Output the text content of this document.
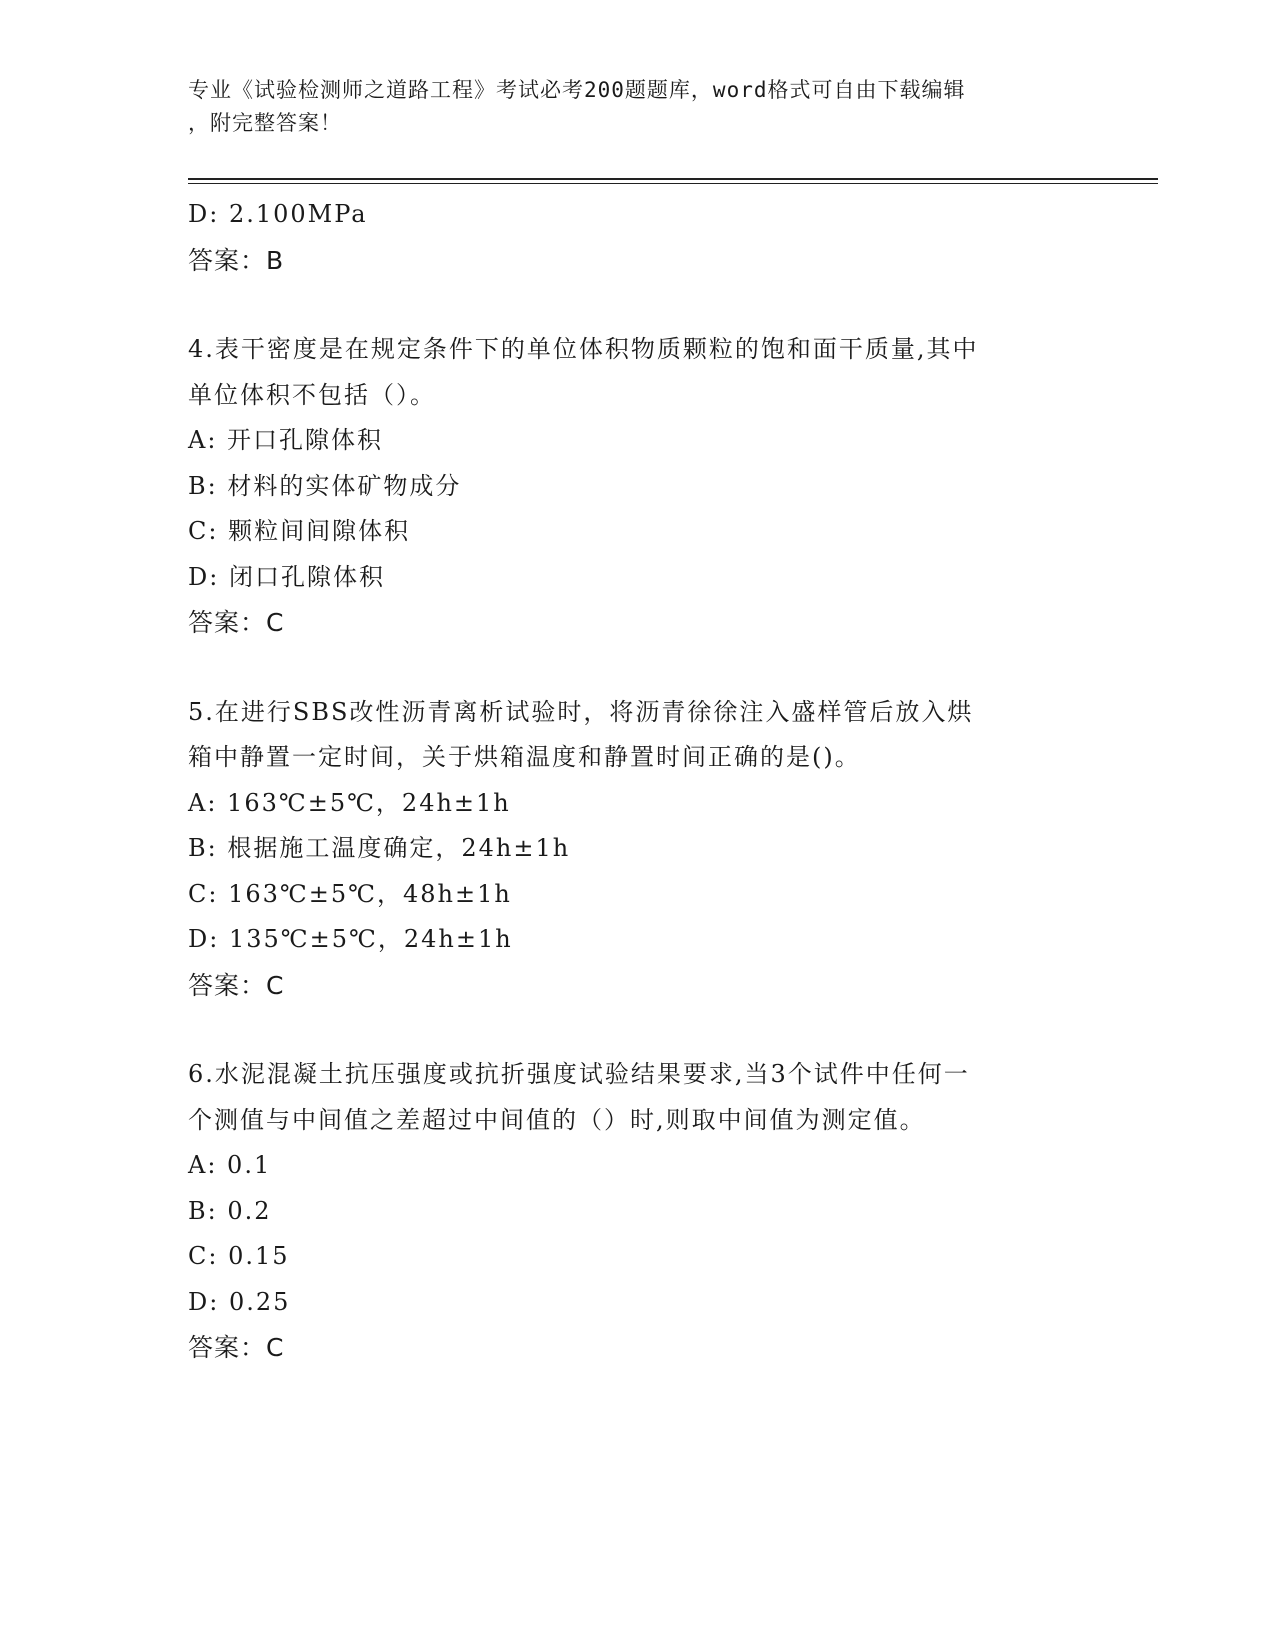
专业《试验检测师之道路工程》考试必考200题题库，word格式可自由下载编辑
，附完整答案！
D: 2.100MPa
答案：B
4.表干密度是在规定条件下的单位体积物质颗粒的饱和面干质量,其中
单位体积不包括（）。
A: 开口孔隙体积
B: 材料的实体矿物成分
C: 颗粒间间隙体积
D: 闭口孔隙体积
答案：C
5.在进行SBS改性沥青离析试验时，将沥青徐徐注入盛样管后放入烘
箱中静置一定时间，关于烘箱温度和静置时间正确的是()。
A: 163℃±5℃，24h±1h
B: 根据施工温度确定，24h±1h
C: 163℃±5℃，48h±1h
D: 135℃±5℃，24h±1h
答案：C
6.水泥混凝土抗压强度或抗折强度试验结果要求,当3个试件中任何一
个测值与中间值之差超过中间值的（）时,则取中间值为测定值。
A: 0.1
B: 0.2
C: 0.15
D: 0.25
答案：C
